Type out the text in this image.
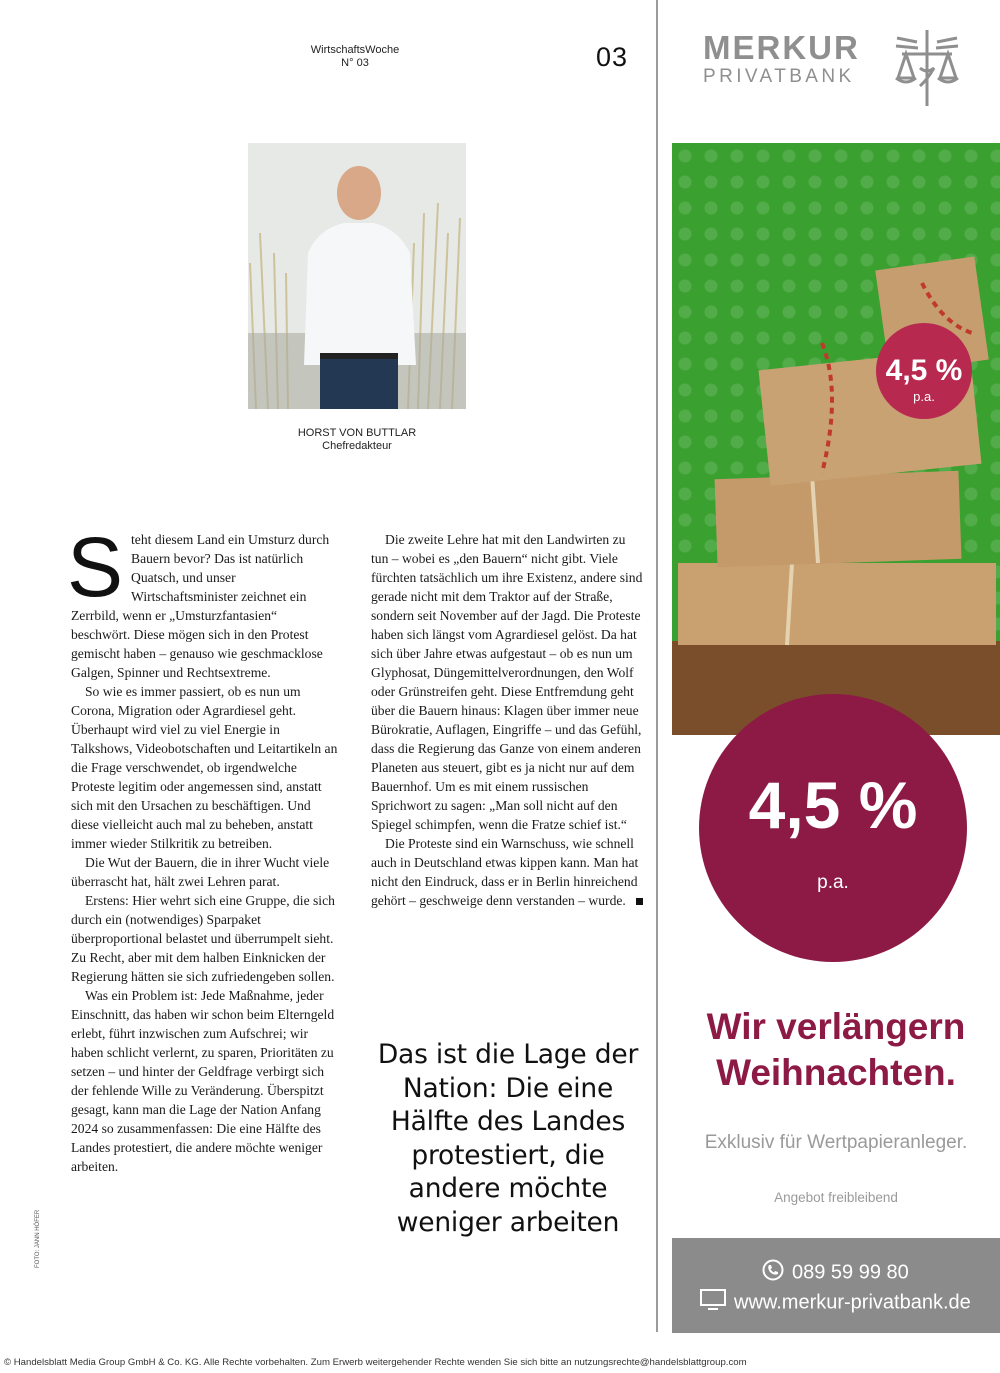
WirtschaftsWoche
N° 03	03
HORST VON BUTTLAR
Chefredakteur
S teht diesem Land ein Umsturz durch Bauern bevor? Das ist natürlich Quatsch, und unser Wirtschaftsminister zeichnet ein Zerrbild, wenn er „Umsturzfantasien“ beschwört. Diese mögen sich in den Protest gemischt haben – genauso wie geschmacklose Galgen, Spinner und Rechtsextreme.

So wie es immer passiert, ob es nun um Corona, Migration oder Agrardiesel geht. Überhaupt wird viel zu viel Energie in Talkshows, Videobotschaften und Leitartikeln an die Frage verschwendet, ob irgendwelche Proteste legitim oder angemessen sind, anstatt sich mit den Ursachen zu beschäftigen. Und diese vielleicht auch mal zu beheben, anstatt immer wieder Stilkritik zu betreiben.

Die Wut der Bauern, die in ihrer Wucht viele überrascht hat, hält zwei Lehren parat.

Erstens: Hier wehrt sich eine Gruppe, die sich durch ein (notwendiges) Sparpaket überproportional belastet und überrumpelt sieht. Zu Recht, aber mit dem halben Einknicken der Regierung hätten sie sich zufriedengeben sollen.

Was ein Problem ist: Jede Maßnahme, jeder Einschnitt, das haben wir schon beim Elterngeld erlebt, führt inzwischen zum Aufschrei; wir haben schlicht verlernt, zu sparen, Prioritäten zu setzen – und hinter der Geldfrage verbirgt sich der fehlende Wille zu Veränderung. Überspitzt gesagt, kann man die Lage der Nation Anfang 2024 so zusammenfassen: Die eine Hälfte des Landes protestiert, die andere möchte weniger arbeiten.

Die zweite Lehre hat mit den Landwirten zu tun – wobei es „den Bauern“ nicht gibt. Viele fürchten tatsächlich um ihre Existenz, andere sind gerade nicht mit dem Traktor auf der Straße, sondern seit November auf der Jagd. Die Proteste haben sich längst vom Agrardiesel gelöst. Da hat sich über Jahre etwas aufgestaut – ob es nun um Glyphosat, Düngemittelverordnungen, den Wolf oder Grünstreifen geht. Diese Entfremdung geht über die Bauern hinaus: Klagen über immer neue Bürokratie, Auflagen, Eingriffe – und das Gefühl, dass die Regierung das Ganze von einem anderen Planeten aus steuert, gibt es ja nicht nur auf dem Bauernhof. Um es mit einem russischen Sprichwort zu sagen: „Man soll nicht auf den Spiegel schimpfen, wenn die Fratze schief ist.“

Die Proteste sind ein Warnschuss, wie schnell auch in Deutschland etwas kippen kann. Man hat nicht den Eindruck, dass er in Berlin hinreichend gehört – geschweige denn verstanden – wurde.

FOTO: JANN HÖFER
Das ist die Lage der Nation: Die eine Hälfte des Landes protestiert, die andere möchte weniger arbeiten
MERKUR
PRIVATBANK
4,5 %
p.a.
4,5 %
p.a.
Wir verlängern
Weihnachten.
Exklusiv für Wertpapieranleger.
Angebot freibleibend
089 59 99 80
www.merkur-privatbank.de
© Handelsblatt Media Group GmbH & Co. KG. Alle Rechte vorbehalten. Zum Erwerb weitergehender Rechte wenden Sie sich bitte an nutzungsrechte@handelsblattgroup.com
